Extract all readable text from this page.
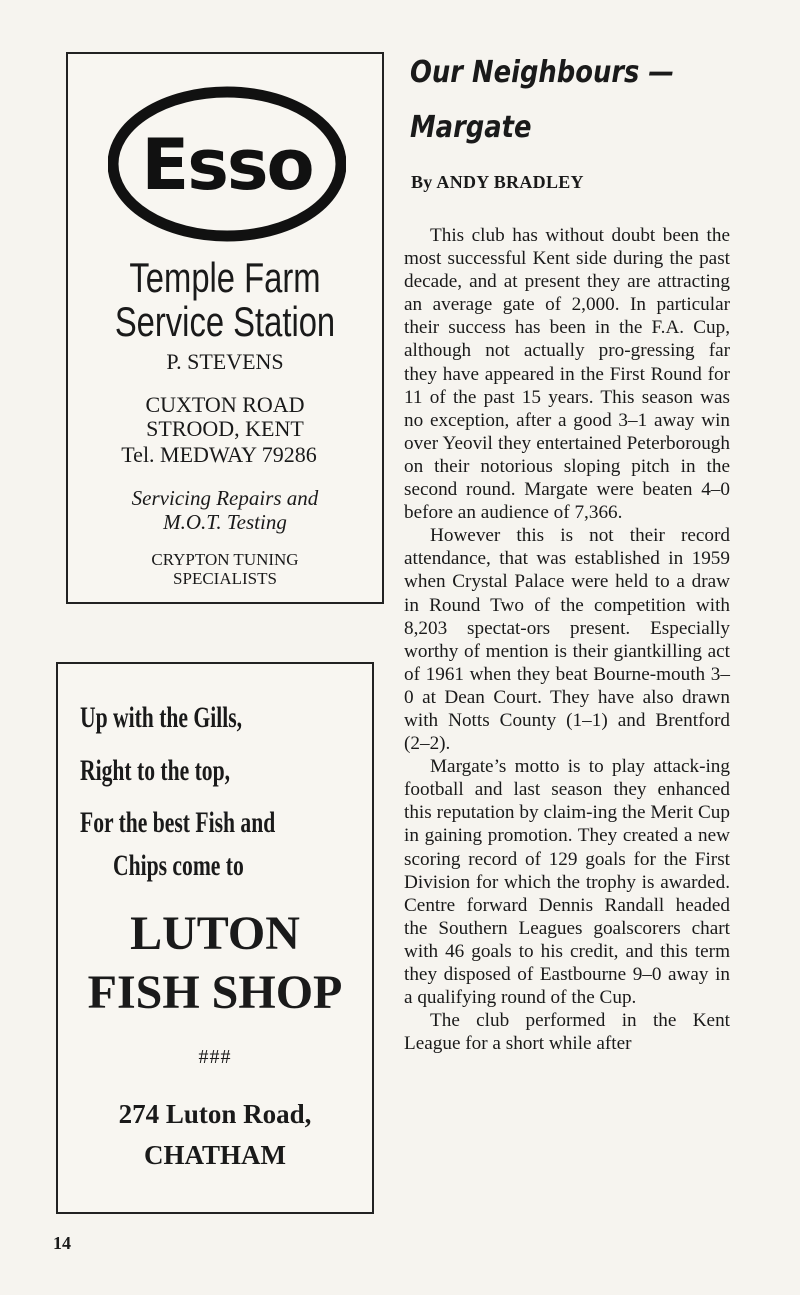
Esso
Temple Farm
Service Station
P. STEVENS
CUXTON ROAD
STROOD, KENT
Tel. MEDWAY 79286
Servicing Repairs and
M.O.T. Testing
CRYPTON TUNING
SPECIALISTS
Up with the Gills,
Right to the top,
For the best Fish and
Chips come to
LUTON
FISH SHOP
###
274 Luton Road,
CHATHAM
Our Neighbours —
Margate
By ANDY BRADLEY

This club has without doubt been the most successful Kent side during the past decade, and at present they are attracting an average gate of 2,000. In particular their success has been in the F.A. Cup, although not actually pro-gressing far they have appeared in the First Round for 11 of the past 15 years. This season was no exception, after a good 3–1 away win over Yeovil they entertained Peterborough on their notorious sloping pitch in the second round. Margate were beaten 4–0 before an audience of 7,366.

However this is not their record attendance, that was established in 1959 when Crystal Palace were held to a draw in Round Two of the competition with 8,203 spectat-ors present. Especially worthy of mention is their giantkilling act of 1961 when they beat Bourne-mouth 3–0 at Dean Court. They have also drawn with Notts County (1–1) and Brentford (2–2).

Margate’s motto is to play attack-ing football and last season they enhanced this reputation by claim-ing the Merit Cup in gaining promotion. They created a new scoring record of 129 goals for the First Division for which the trophy is awarded. Centre forward Dennis Randall headed the Southern Leagues goalscorers chart with 46 goals to his credit, and this term they disposed of Eastbourne 9–0 away in a qualifying round of the Cup.

The club performed in the Kent League for a short while after

14
